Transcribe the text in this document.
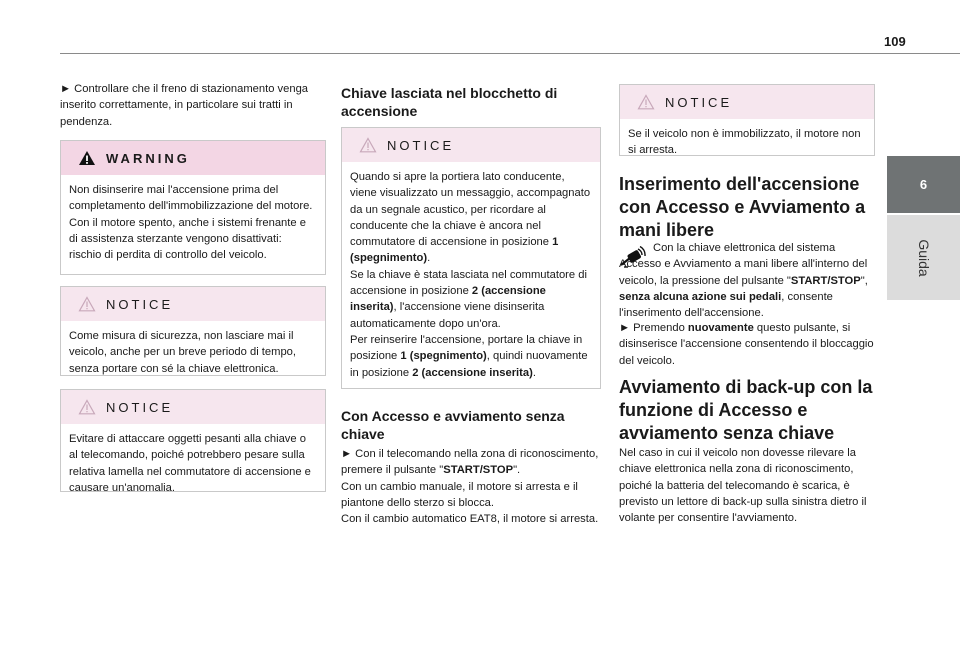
109
6
Guida

► Controllare che il freno di stazionamento venga inserito correttamente, in particolare sui tratti in pendenza.

WARNING
Non disinserire mai l'accensione prima del completamento dell'immobilizzazione del motore. Con il motore spento, anche i sistemi frenante e di assistenza sterzante vengono disattivati: rischio di perdita di controllo del veicolo.
NOTICE
Come misura di sicurezza, non lasciare mai il veicolo, anche per un breve periodo di tempo, senza portare con sé la chiave elettronica.
NOTICE
Evitare di attaccare oggetti pesanti alla chiave o al telecomando, poiché potrebbero pesare sulla relativa lamella nel commutatore di accensione e causare un'anomalia.
Chiave lasciata nel blocchetto di accensione
NOTICE
Quando si apre la portiera lato conducente, viene visualizzato un messaggio, accompagnato da un segnale acustico, per ricordare al conducente che la chiave è ancora nel commutatore di accensione in posizione 1 (spegnimento).
Se la chiave è stata lasciata nel commutatore di accensione in posizione 2 (accensione inserita), l'accensione viene disinserita automaticamente dopo un'ora.
Per reinserire l'accensione, portare la chiave in posizione 1 (spegnimento), quindi nuovamente in posizione 2 (accensione inserita).
Con Accesso e avviamento senza chiave

► Con il telecomando nella zona di riconoscimento, premere il pulsante "START/STOP".
Con un cambio manuale, il motore si arresta e il piantone dello sterzo si blocca.
Con il cambio automatico EAT8, il motore si arresta.

NOTICE
Se il veicolo non è immobilizzato, il motore non si arresta.
Inserimento dell'accensione con Accesso e Avviamento a mani libere

Con la chiave elettronica del sistema Accesso e Avviamento a mani libere all'interno del veicolo, la pressione del pulsante "START/STOP", senza alcuna azione sui pedali, consente l'inserimento dell'accensione.

► Premendo nuovamente questo pulsante, si disinserisce l'accensione consentendo il bloccaggio del veicolo.

Avviamento di back-up con la funzione di Accesso e avviamento senza chiave

Nel caso in cui il veicolo non dovesse rilevare la chiave elettronica nella zona di riconoscimento, poiché la batteria del telecomando è scarica, è previsto un lettore di back-up sulla sinistra dietro il volante per consentire l'avviamento.
